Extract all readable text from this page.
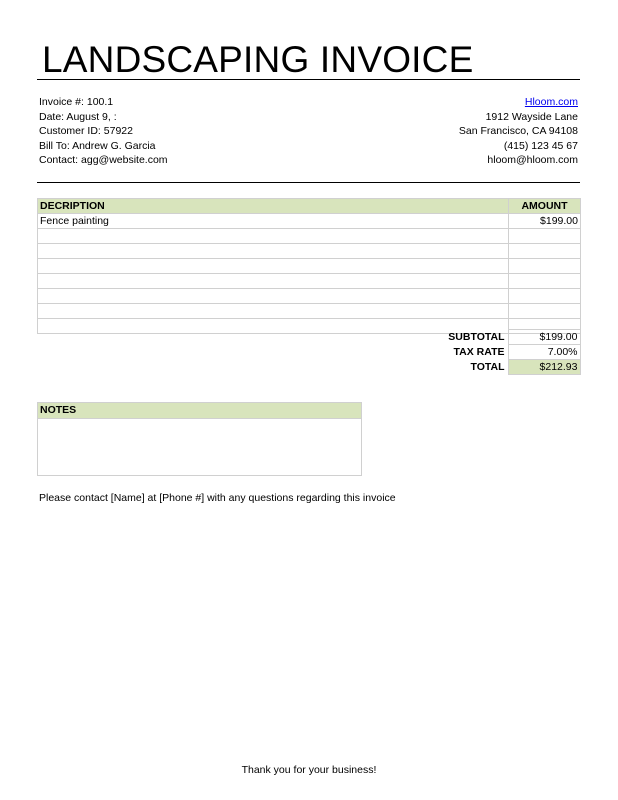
LANDSCAPING INVOICE
Invoice #: 100.1
Date: August 9, :
Customer ID: 57922
Bill To: Andrew G. Garcia
Contact: agg@website.com
Hloom.com
1912 Wayside Lane
San Francisco, CA 94108
(415) 123 45 67
hloom@hloom.com
DECRIPTION	AMOUNT
Fence painting	$199.00

SUBTOTAL	$199.00
TAX RATE	7.00%
TOTAL	$212.93
NOTES
Please contact [Name] at [Phone #] with any questions regarding this invoice
Thank you for your business!
